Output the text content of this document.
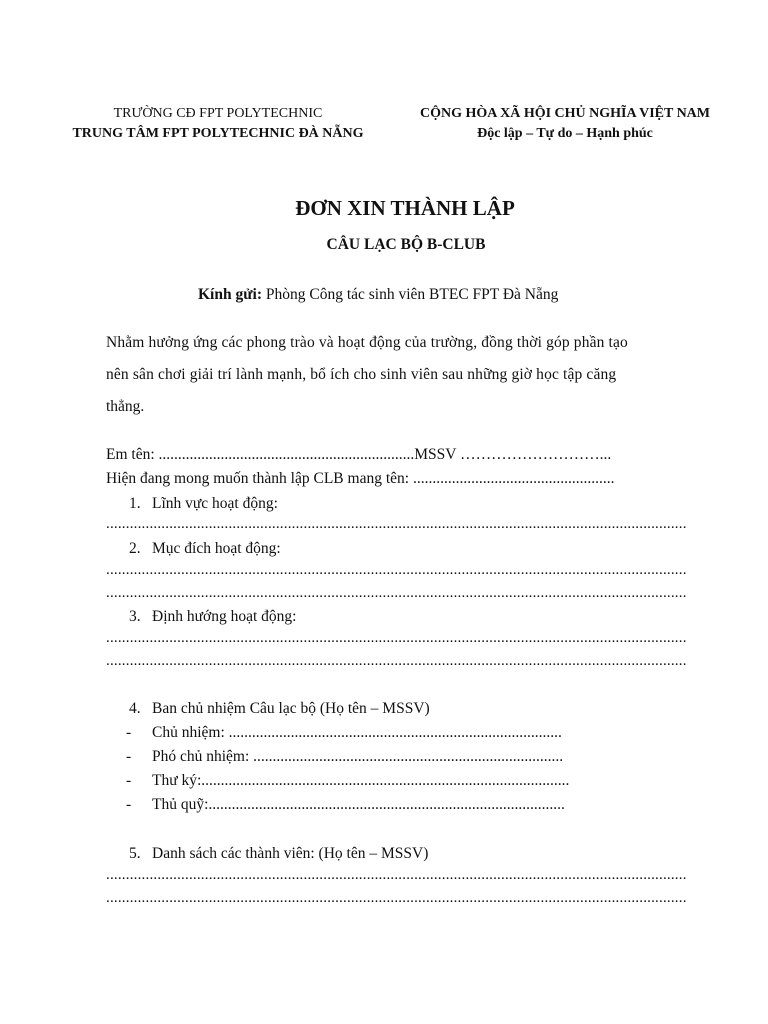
TRƯỜNG CĐ FPT POLYTECHNIC
TRUNG TÂM FPT POLYTECHNIC ĐÀ NẴNG
CỘNG HÒA XÃ HỘI CHỦ NGHĨA VIỆT NAM
Độc lập – Tự do – Hạnh phúc
ĐƠN XIN THÀNH LẬP
CÂU LẠC BỘ B-CLUB
Kính gửi: Phòng Công tác sinh viên BTEC FPT Đà Nẵng
Nhằm hưởng ứng các phong trào và hoạt động của trường, đồng thời góp phần tạo
nên sân chơi giải trí lành mạnh, bổ ích cho sinh viên sau những giờ học tập căng
thẳng.
Em tên: ..................................................................MSSV ………………………...
Hiện đang mong muốn thành lập CLB mang tên: ....................................................
1. Lĩnh vực hoạt động:
...................................................................................................................................................
2. Mục đích hoạt động:
...................................................................................................................................................
...................................................................................................................................................
3. Định hướng hoạt động:
...................................................................................................................................................
...................................................................................................................................................
4. Ban chủ nhiệm Câu lạc bộ (Họ tên – MSSV)
- Chủ nhiệm: ......................................................................................
- Phó chủ nhiệm: ................................................................................
- Thư ký:...............................................................................................
- Thủ quỹ:............................................................................................
5. Danh sách các thành viên: (Họ tên – MSSV)
...................................................................................................................................................
...................................................................................................................................................
